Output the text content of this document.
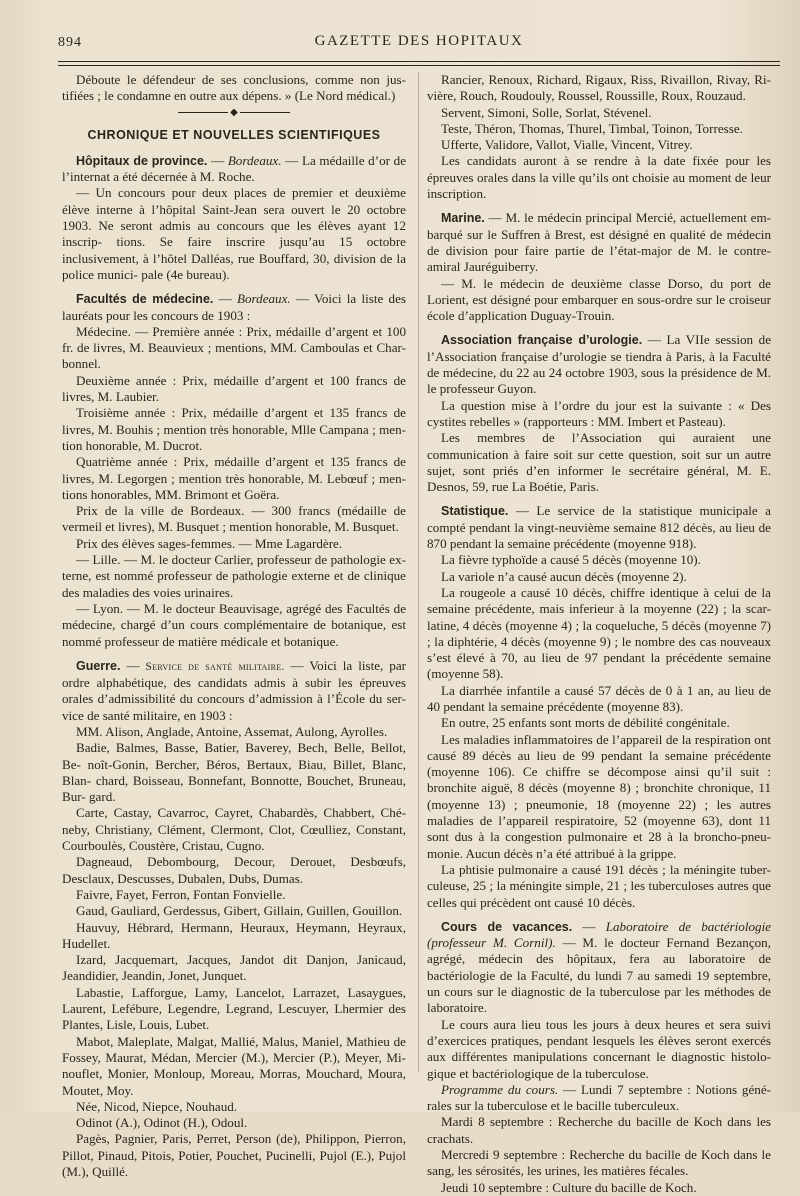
894	GAZETTE DES HOPITAUX

Déboute le défendeur de ses conclusions, comme non jus- tifiées ; le condamne en outre aux dépens. » (Le Nord médical.)

◆
CHRONIQUE ET NOUVELLES SCIENTIFIQUES

Hôpitaux de province. — Bordeaux. — La médaille d’or de l’internat a été décernée à M. Roche.

— Un concours pour deux places de premier et deuxième élève interne à l’hôpital Saint-Jean sera ouvert le 20 octobre 1903. Ne seront admis au concours que les élèves ayant 12 inscrip- tions. Se faire inscrire jusqu’au 15 octobre inclusivement, à l’hôtel Dalléas, rue Bouffard, 30, division de la police munici- pale (4e bureau).

Facultés de médecine. — Bordeaux. — Voici la liste des lauréats pour les concours de 1903 :

Médecine. — Première année : Prix, médaille d’argent et 100 fr. de livres, M. Beauvieux ; mentions, MM. Camboulas et Char- bonnel.

Deuxième année : Prix, médaille d’argent et 100 francs de livres, M. Laubier.

Troisième année : Prix, médaille d’argent et 135 francs de livres, M. Bouhis ; mention très honorable, Mlle Campana ; men- tion honorable, M. Ducrot.

Quatrième année : Prix, médaille d’argent et 135 francs de livres, M. Legorgen ; mention très honorable, M. Lebœuf ; men- tions honorables, MM. Brimont et Goëra.

Prix de la ville de Bordeaux. — 300 francs (médaille de vermeil et livres), M. Busquet ; mention honorable, M. Busquet.

Prix des élèves sages-femmes. — Mme Lagardère.

— Lille. — M. le docteur Carlier, professeur de pathologie ex- terne, est nommé professeur de pathologie externe et de clinique des maladies des voies urinaires.

— Lyon. — M. le docteur Beauvisage, agrégé des Facultés de médecine, chargé d’un cours complémentaire de botanique, est nommé professeur de matière médicale et botanique.

Guerre. — Service de santé militaire. — Voici la liste, par ordre alphabétique, des candidats admis à subir les épreuves orales d’admissibilité du concours d’admission à l’École du ser- vice de santé militaire, en 1903 :

MM. Alison, Anglade, Antoine, Assemat, Aulong, Ayrolles.

Badie, Balmes, Basse, Batier, Baverey, Bech, Belle, Bellot, Be- noît-Gonin, Bercher, Béros, Bertaux, Biau, Billet, Blanc, Blan- chard, Boisseau, Bonnefant, Bonnotte, Bouchet, Bruneau, Bur- gard.

Carte, Castay, Cavarroc, Cayret, Chabardès, Chabbert, Ché- neby, Christiany, Clément, Clermont, Clot, Cœulliez, Constant, Courboulès, Coustère, Cristau, Cugno.

Dagneaud, Debombourg, Decour, Derouet, Desbœufs, Desclaux, Descusses, Dubalen, Dubs, Dumas.

Faivre, Fayet, Ferron, Fontan Fonvielle.

Gaud, Gauliard, Gerdessus, Gibert, Gillain, Guillen, Gouillon.

Hauvuy, Hébrard, Hermann, Heuraux, Heymann, Heyraux, Hudellet.

Izard, Jacquemart, Jacques, Jandot dit Danjon, Janicaud, Jeandidier, Jeandin, Jonet, Junquet.

Labastie, Lafforgue, Lamy, Lancelot, Larrazet, Lasaygues, Laurent, Lefébure, Legendre, Legrand, Lescuyer, Lhermier des Plantes, Lisle, Louis, Lubet.

Mabot, Maleplate, Malgat, Mallié, Malus, Maniel, Mathieu de Fossey, Maurat, Médan, Mercier (M.), Mercier (P.), Meyer, Mi- nouflet, Monier, Monloup, Moreau, Morras, Mouchard, Moura, Moutet, Moy.

Née, Nicod, Niepce, Nouhaud.

Odinot (A.), Odinot (H.), Odoul.

Pagès, Pagnier, Paris, Perret, Person (de), Philippon, Pierron, Pillot, Pinaud, Pitois, Potier, Pouchet, Pucinelli, Pujol (E.), Pujol (M.), Quillé.

Rancier, Renoux, Richard, Rigaux, Riss, Rivaillon, Rivay, Ri- vière, Rouch, Roudouly, Roussel, Roussille, Roux, Rouzaud.

Servent, Simoni, Solle, Sorlat, Stévenel.

Teste, Théron, Thomas, Thurel, Timbal, Toinon, Torresse.

Ufferte, Validore, Vallot, Vialle, Vincent, Vitrey.

Les candidats auront à se rendre à la date fixée pour les épreuves orales dans la ville qu’ils ont choisie au moment de leur inscription.

Marine. — M. le médecin principal Mercié, actuellement em- barqué sur le Suffren à Brest, est désigné en qualité de médecin de division pour faire partie de l’état-major de M. le contre- amiral Jauréguiberry.

— M. le médecin de deuxième classe Dorso, du port de Lorient, est désigné pour embarquer en sous-ordre sur le croiseur école d’application Duguay-Trouin.

Association française d’urologie. — La VIIe session de l’Association française d’urologie se tiendra à Paris, à la Faculté de médecine, du 22 au 24 octobre 1903, sous la présidence de M. le professeur Guyon.

La question mise à l’ordre du jour est la suivante : « Des cystites rebelles » (rapporteurs : MM. Imbert et Pasteau).

Les membres de l’Association qui auraient une communication à faire soit sur cette question, soit sur un autre sujet, sont priés d’en informer le secrétaire général, M. E. Desnos, 59, rue La Boétie, Paris.

Statistique. — Le service de la statistique municipale a compté pendant la vingt-neuvième semaine 812 décès, au lieu de 870 pendant la semaine précédente (moyenne 918).

La fièvre typhoïde a causé 5 décès (moyenne 10).

La variole n’a causé aucun décès (moyenne 2).

La rougeole a causé 10 décès, chiffre identique à celui de la semaine précédente, mais inferieur à la moyenne (22) ; la scar- latine, 4 décès (moyenne 4) ; la coqueluche, 5 décès (moyenne 7) ; la diphtérie, 4 décès (moyenne 9) ; le nombre des cas nouveaux s’est élevé à 70, au lieu de 97 pendant la précédente semaine (moyenne 58).

La diarrhée infantile a causé 57 décès de 0 à 1 an, au lieu de 40 pendant la semaine précédente (moyenne 83).

En outre, 25 enfants sont morts de débilité congénitale.

Les maladies inflammatoires de l’appareil de la respiration ont causé 89 décès au lieu de 99 pendant la semaine précédente (moyenne 106). Ce chiffre se décompose ainsi qu’il suit : bronchite aiguë, 8 décès (moyenne 8) ; bronchite chronique, 11 (moyenne 13) ; pneumonie, 18 (moyenne 22) ; les autres maladies de l’appareil respiratoire, 52 (moyenne 63), dont 11 sont dus à la congestion pulmonaire et 28 à la broncho-pneu- monie. Aucun décès n’a été attribué à la grippe.

La phtisie pulmonaire a causé 191 décès ; la méningite tuber- culeuse, 25 ; la méningite simple, 21 ; les tuberculoses autres que celles qui précèdent ont causé 10 décès.

Cours de vacances. — Laboratoire de bactériologie (professeur M. Cornil). — M. le docteur Fernand Bezançon, agrégé, médecin des hôpitaux, fera au laboratoire de bactériologie de la Faculté, du lundi 7 au samedi 19 septembre, un cours sur le diagnostic de la tuberculose par les méthodes de laboratoire.

Le cours aura lieu tous les jours à deux heures et sera suivi d’exercices pratiques, pendant lesquels les élèves seront exercés aux différentes manipulations concernant le diagnostic histolo- gique et bactériologique de la tuberculose.

Programme du cours. — Lundi 7 septembre : Notions géné- rales sur la tuberculose et le bacille tuberculeux.

Mardi 8 septembre : Recherche du bacille de Koch dans les crachats.

Mercredi 9 septembre : Recherche du bacille de Koch dans le sang, les sérosités, les urines, les matières fécales.

Jeudi 10 septembre : Culture du bacille de Koch.
